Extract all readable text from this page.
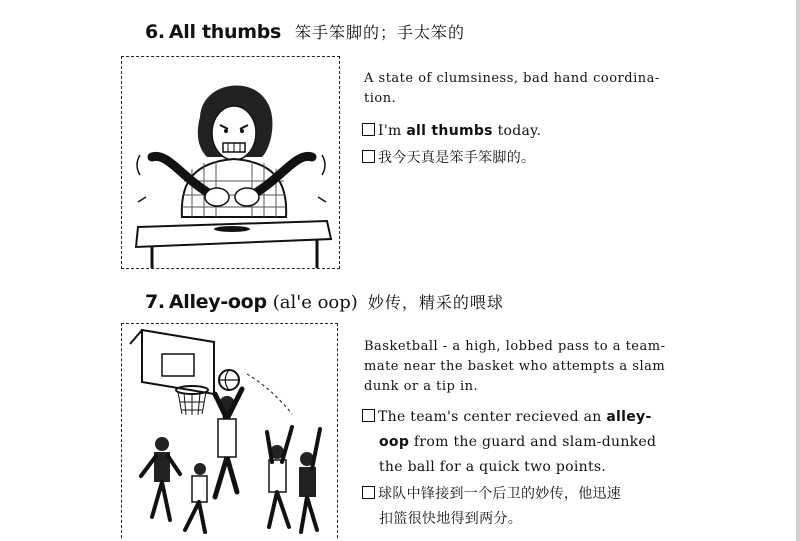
6. All thumbs 笨手笨脚的；手太笨的
A state of clumsiness, bad hand coordina-
tion.
I'm all thumbs today.
我今天真是笨手笨脚的。
7. Alley-oop (al'e oop) 妙传，精采的喂球
Basketball - a high, lobbed pass to a team-
mate near the basket who attempts a slam
dunk or a tip in.
The team's center recieved an alley-
oop from the guard and slam-dunked
the ball for a quick two points.
球队中锋接到一个后卫的妙传，他迅速
扣篮很快地得到两分。
